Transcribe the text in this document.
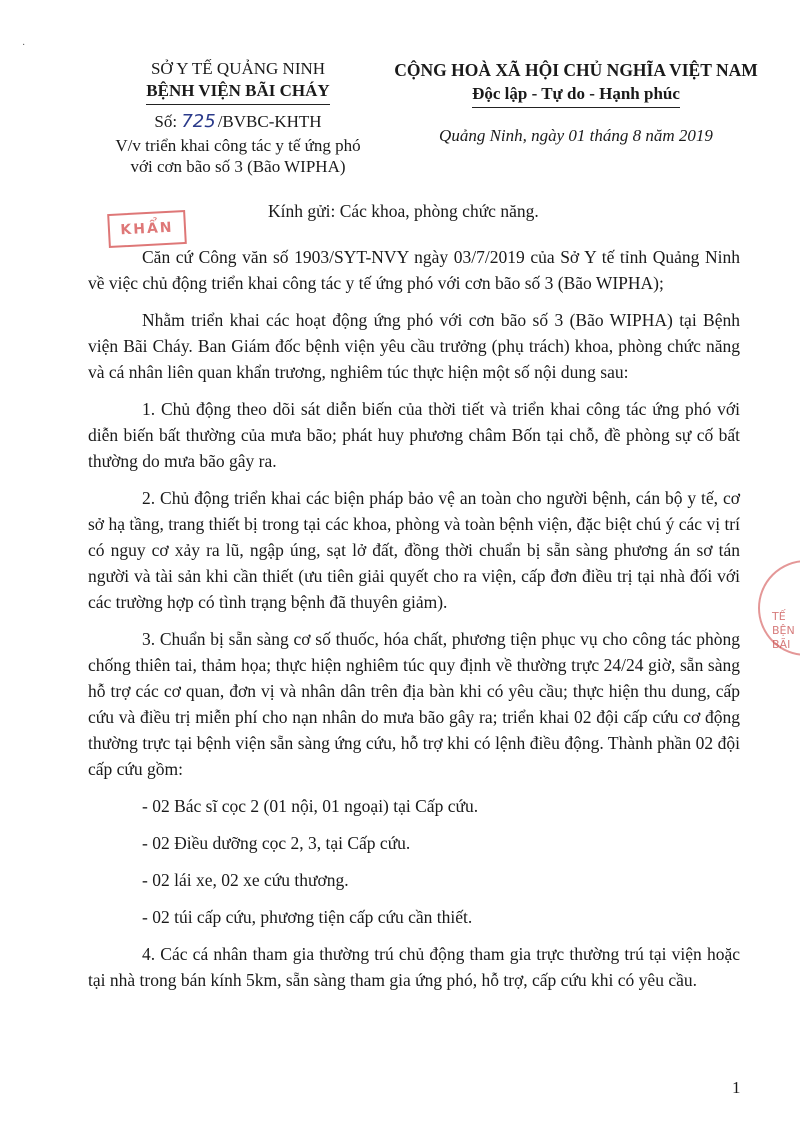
SỞ Y TẾ QUẢNG NINH
BỆNH VIỆN BÃI CHÁY
Số: 725 /BVBC-KHTH
V/v triển khai công tác y tế ứng phó
với cơn bão số 3 (Bão WIPHA)
CỘNG HOÀ XÃ HỘI CHỦ NGHĨA VIỆT NAM
Độc lập - Tự do - Hạnh phúc
Quảng Ninh, ngày 01 tháng 8 năm 2019
KHẨN
Kính gửi: Các khoa, phòng chức năng.

Căn cứ Công văn số 1903/SYT-NVY ngày 03/7/2019 của Sở Y tế tỉnh Quảng Ninh về việc chủ động triển khai công tác y tế ứng phó với cơn bão số 3 (Bão WIPHA);

Nhằm triển khai các hoạt động ứng phó với cơn bão số 3 (Bão WIPHA) tại Bệnh viện Bãi Cháy. Ban Giám đốc bệnh viện yêu cầu trưởng (phụ trách) khoa, phòng chức năng và cá nhân liên quan khẩn trương, nghiêm túc thực hiện một số nội dung sau:

1. Chủ động theo dõi sát diễn biến của thời tiết và triển khai công tác ứng phó với diễn biến bất thường của mưa bão; phát huy phương châm Bốn tại chỗ, đề phòng sự cố bất thường do mưa bão gây ra.

2. Chủ động triển khai các biện pháp bảo vệ an toàn cho người bệnh, cán bộ y tế, cơ sở hạ tầng, trang thiết bị trong tại các khoa, phòng và toàn bệnh viện, đặc biệt chú ý các vị trí có nguy cơ xảy ra lũ, ngập úng, sạt lở đất, đồng thời chuẩn bị sẵn sàng phương án sơ tán người và tài sản khi cần thiết (ưu tiên giải quyết cho ra viện, cấp đơn điều trị tại nhà đối với các trường hợp có tình trạng bệnh đã thuyên giảm).

3. Chuẩn bị sẵn sàng cơ số thuốc, hóa chất, phương tiện phục vụ cho công tác phòng chống thiên tai, thảm họa; thực hiện nghiêm túc quy định về thường trực 24/24 giờ, sẵn sàng hỗ trợ các cơ quan, đơn vị và nhân dân trên địa bàn khi có yêu cầu; thực hiện thu dung, cấp cứu và điều trị miễn phí cho nạn nhân do mưa bão gây ra; triển khai 02 đội cấp cứu cơ động thường trực tại bệnh viện sẵn sàng ứng cứu, hỗ trợ khi có lệnh điều động. Thành phần 02 đội cấp cứu gồm:

- 02 Bác sĩ cọc 2 (01 nội, 01 ngoại) tại Cấp cứu.

- 02 Điều dưỡng cọc 2, 3, tại Cấp cứu.

- 02 lái xe, 02 xe cứu thương.

- 02 túi cấp cứu, phương tiện cấp cứu cần thiết.

4. Các cá nhân tham gia thường trú chủ động tham gia trực thường trú tại viện hoặc tại nhà trong bán kính 5km, sẵn sàng tham gia ứng phó, hỗ trợ, cấp cứu khi có yêu cầu.

TẾ
BỆN
BÃI
·
1
